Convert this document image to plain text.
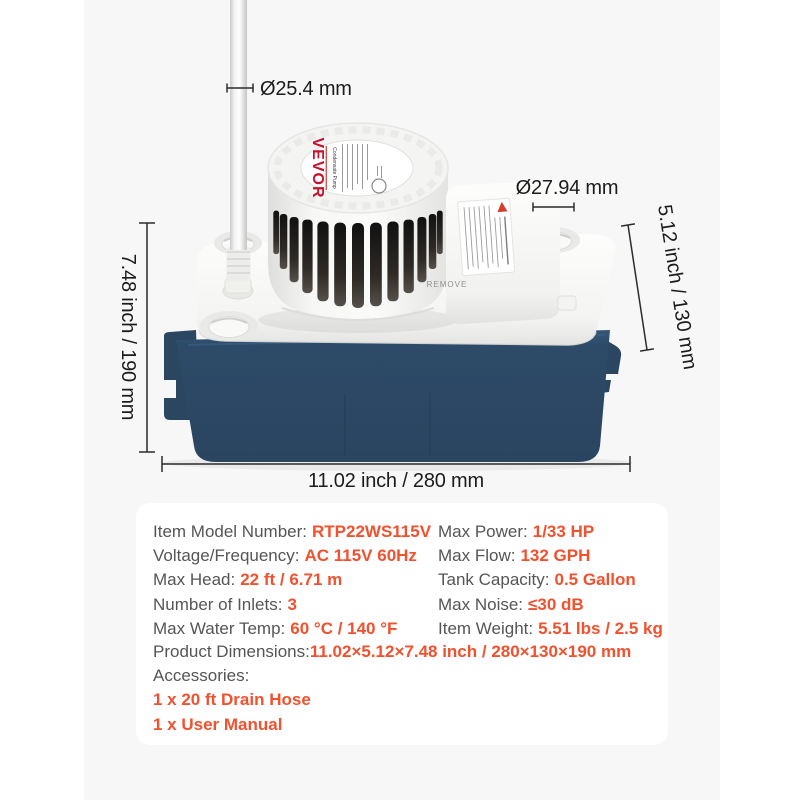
VEVOR Condensate Pump
REMOVE
Ø25.4 mm
Ø27.94 mm
7.48 inch / 190 mm	5.12 inch / 130 mm
11.02 inch / 280 mm
Item Model Number: RTP22WS115V
Voltage/Frequency: AC 115V 60Hz
Max Head: 22 ft / 6.71 m
Number of Inlets: 3
Max Water Temp: 60 °C / 140 °F
Max Power: 1/33 HP
Max Flow: 132 GPH
Tank Capacity: 0.5 Gallon
Max Noise: ≤30 dB
Item Weight: 5.51 lbs / 2.5 kg
Product Dimensions:11.02×5.12×7.48 inch / 280×130×190 mm
Accessories:
1 x 20 ft Drain Hose
1 x User Manual
